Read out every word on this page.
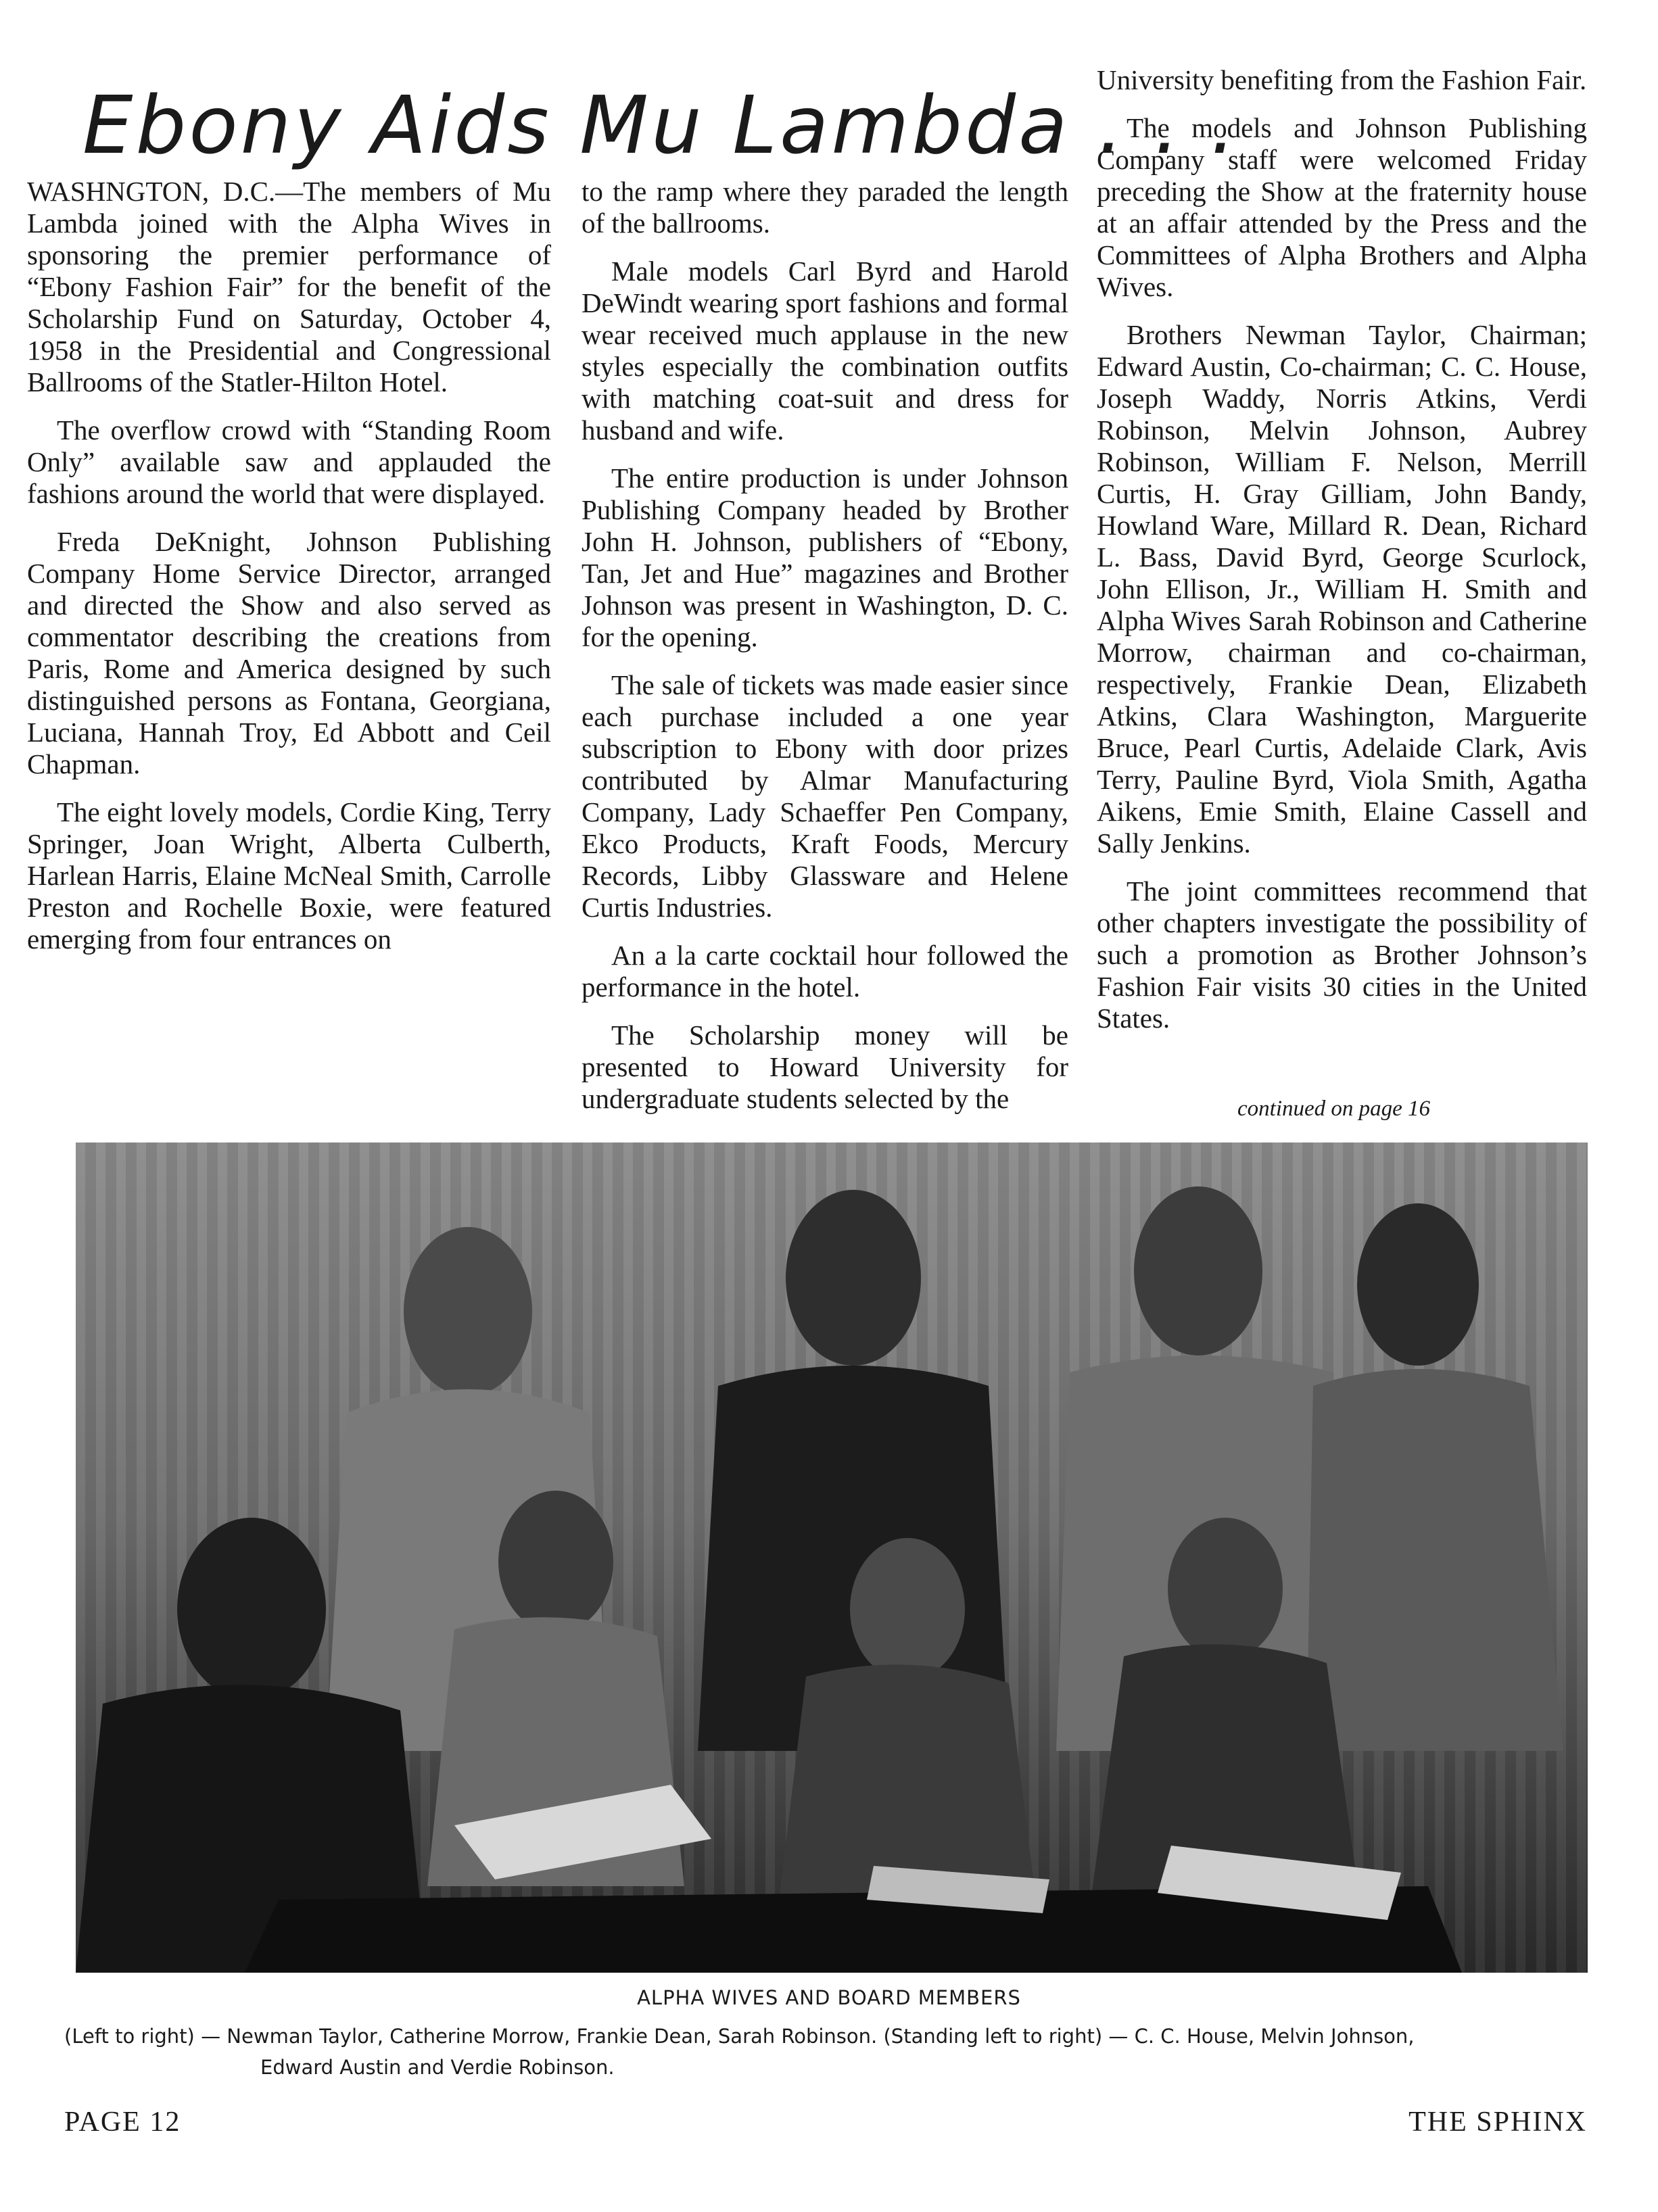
Ebony Aids Mu Lambda . . .

WASHNGTON, D.C.—The members of Mu Lambda joined with the Alpha Wives in sponsoring the premier performance of “Ebony Fashion Fair” for the benefit of the Scholarship Fund on Saturday, October 4, 1958 in the Presidential and Congressional Ballrooms of the Statler-Hilton Hotel.

The overflow crowd with “Standing Room Only” available saw and applauded the fashions around the world that were displayed.

Freda DeKnight, Johnson Publishing Company Home Service Director, arranged and directed the Show and also served as commentator describing the creations from Paris, Rome and America designed by such distinguished persons as Fontana, Georgiana, Luciana, Hannah Troy, Ed Abbott and Ceil Chapman.

The eight lovely models, Cordie King, Terry Springer, Joan Wright, Alberta Culberth, Harlean Harris, Elaine McNeal Smith, Carrolle Preston and Rochelle Boxie, were featured emerging from four entrances on

to the ramp where they paraded the length of the ballrooms.

Male models Carl Byrd and Harold DeWindt wearing sport fashions and formal wear received much applause in the new styles especially the combination outfits with matching coat-suit and dress for husband and wife.

The entire production is under Johnson Publishing Company headed by Brother John H. Johnson, publishers of “Ebony, Tan, Jet and Hue” magazines and Brother Johnson was present in Washington, D. C. for the opening.

The sale of tickets was made easier since each purchase included a one year subscription to Ebony with door prizes contributed by Almar Manufacturing Company, Lady Schaeffer Pen Company, Ekco Products, Kraft Foods, Mercury Records, Libby Glassware and Helene Curtis Industries.

An a la carte cocktail hour followed the performance in the hotel.

The Scholarship money will be presented to Howard University for undergraduate students selected by the

University benefiting from the Fashion Fair.

The models and Johnson Publishing Company staff were welcomed Friday preceding the Show at the fraternity house at an affair attended by the Press and the Committees of Alpha Brothers and Alpha Wives.

Brothers Newman Taylor, Chairman; Edward Austin, Co-chairman; C. C. House, Joseph Waddy, Norris Atkins, Verdi Robinson, Melvin Johnson, Aubrey Robinson, William F. Nelson, Merrill Curtis, H. Gray Gilliam, John Bandy, Howland Ware, Millard R. Dean, Richard L. Bass, David Byrd, George Scurlock, John Ellison, Jr., William H. Smith and Alpha Wives Sarah Robinson and Catherine Morrow, chairman and co-chairman, respectively, Frankie Dean, Elizabeth Atkins, Clara Washington, Marguerite Bruce, Pearl Curtis, Adelaide Clark, Avis Terry, Pauline Byrd, Viola Smith, Agatha Aikens, Emie Smith, Elaine Cassell and Sally Jenkins.

The joint committees recommend that other chapters investigate the possibility of such a promotion as Brother Johnson’s Fashion Fair visits 30 cities in the United States.

continued on page 16
ALPHA WIVES AND BOARD MEMBERS
(Left to right) — Newman Taylor, Catherine Morrow, Frankie Dean, Sarah Robinson. (Standing left to right) — C. C. House, Melvin Johnson,
Edward Austin and Verdie Robinson.
PAGE 12	THE SPHINX
